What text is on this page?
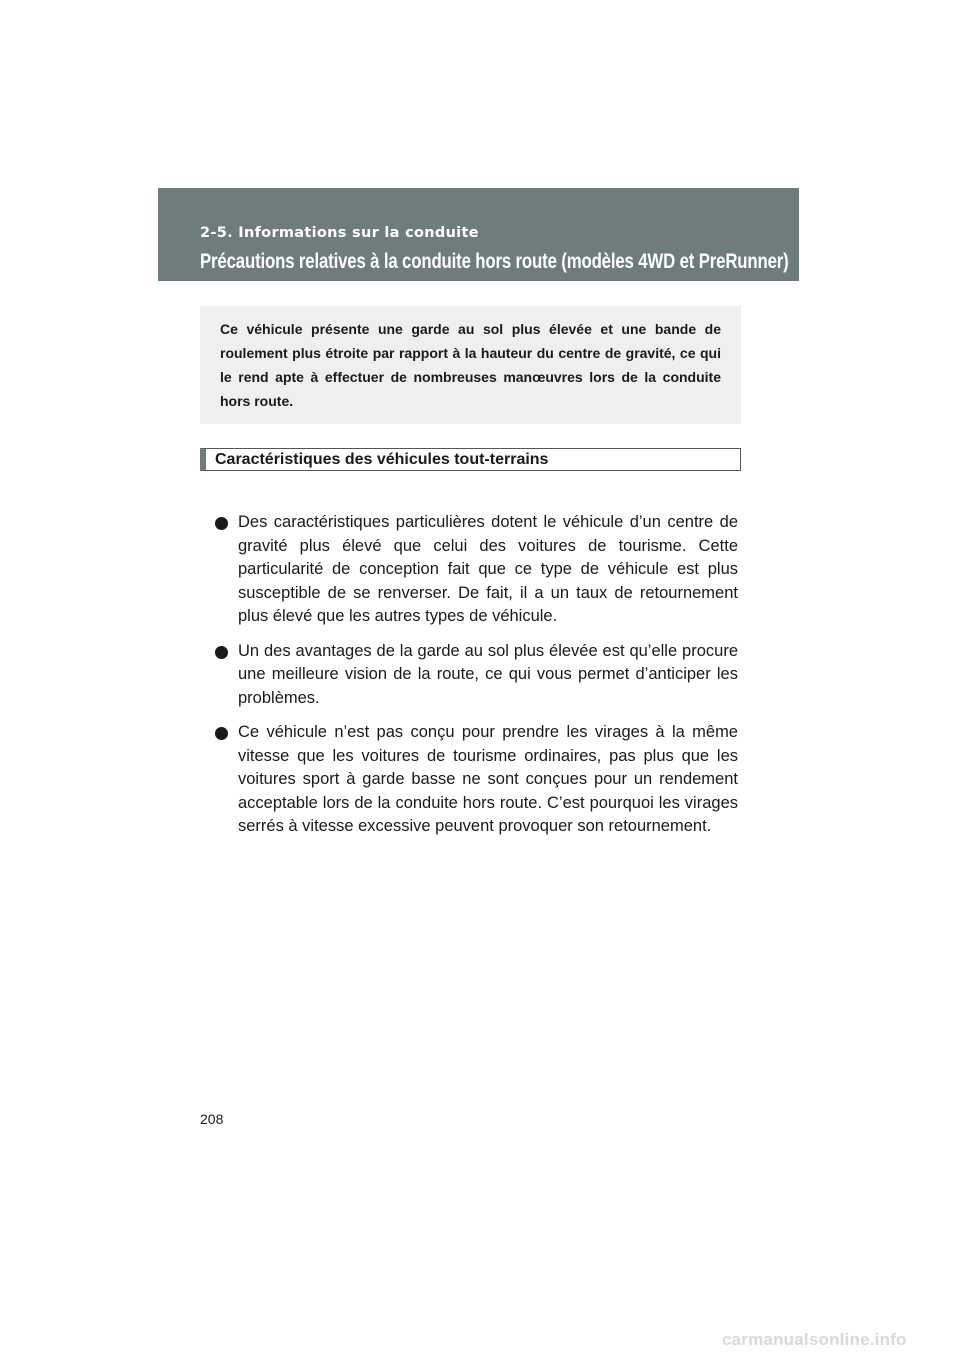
2-5. Informations sur la conduite
Précautions relatives à la conduite hors route (modèles 4WD et PreRunner)

Ce véhicule présente une garde au sol plus élevée et une bande de roulement plus étroite par rapport à la hauteur du centre de gravité, ce qui le rend apte à effectuer de nombreuses manœuvres lors de la conduite hors route.

Caractéristiques des véhicules tout-terrains
Des caractéristiques particulières dotent le véhicule d’un centre de gravité plus élevé que celui des voitures de tourisme. Cette particularité de conception fait que ce type de véhicule est plus susceptible de se renverser. De fait, il a un taux de retournement plus élevé que les autres types de véhicule.
Un des avantages de la garde au sol plus élevée est qu’elle procure une meilleure vision de la route, ce qui vous permet d’anticiper les problèmes.
Ce véhicule n’est pas conçu pour prendre les virages à la même vitesse que les voitures de tourisme ordinaires, pas plus que les voitures sport à garde basse ne sont conçues pour un rendement acceptable lors de la conduite hors route. C’est pourquoi les virages serrés à vitesse excessive peuvent provoquer son retournement.
208
carmanualsonline.info
